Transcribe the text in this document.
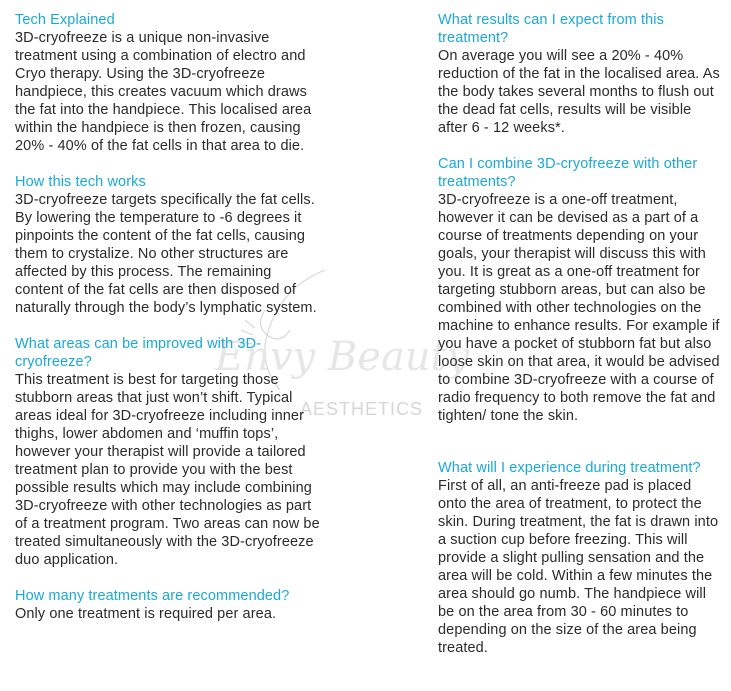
Envy Beauty
AESTHETICS

Tech Explained

3D-cryofreeze is a unique non-invasive treatment using a combination of electro and Cryo therapy. Using the 3D-cryofreeze handpiece, this creates vacuum which draws the fat into the handpiece. This localised area within the handpiece is then frozen, causing 20% - 40% of the fat cells in that area to die.

How this tech works

3D-cryofreeze targets specifically the fat cells. By lowering the temperature to -6 degrees it pinpoints the content of the fat cells, causing them to crystalize. No other structures are affected by this process. The remaining content of the fat cells are then disposed of naturally through the body’s lymphatic system.

What areas can be improved with 3D-cryofreeze?

This treatment is best for targeting those stubborn areas that just won’t shift. Typical areas ideal for 3D-cryofreeze including inner thighs, lower abdomen and ‘muffin tops’, however your therapist will provide a tailored treatment plan to provide you with the best possible results which may include combining 3D-cryofreeze with other technologies as part of a treatment program. Two areas can now be treated simultaneously with the 3D-cryofreeze duo application.

How many treatments are recommended?

Only one treatment is required per area.

What results can I expect from this treatment?

On average you will see a 20% - 40% reduction of the fat in the localised area. As the body takes several months to flush out the dead fat cells, results will be visible after 6 - 12 weeks*.

Can I combine 3D-cryofreeze with other treatments?

3D-cryofreeze is a one-off treatment, however it can be devised as a part of a course of treatments depending on your goals, your therapist will discuss this with you. It is great as a one-off treatment for targeting stubborn areas, but can also be combined with other technologies on the machine to enhance results. For example if you have a pocket of stubborn fat but also loose skin on that area, it would be advised to combine 3D-cryofreeze with a course of radio frequency to both remove the fat and tighten/ tone the skin.

What will I experience during treatment?

First of all, an anti-freeze pad is placed onto the area of treatment, to protect the skin. During treatment, the fat is drawn into a suction cup before freezing. This will provide a slight pulling sensation and the area will be cold. Within a few minutes the area should go numb. The handpiece will be on the area from 30 - 60 minutes to depending on the size of the area being treated.
